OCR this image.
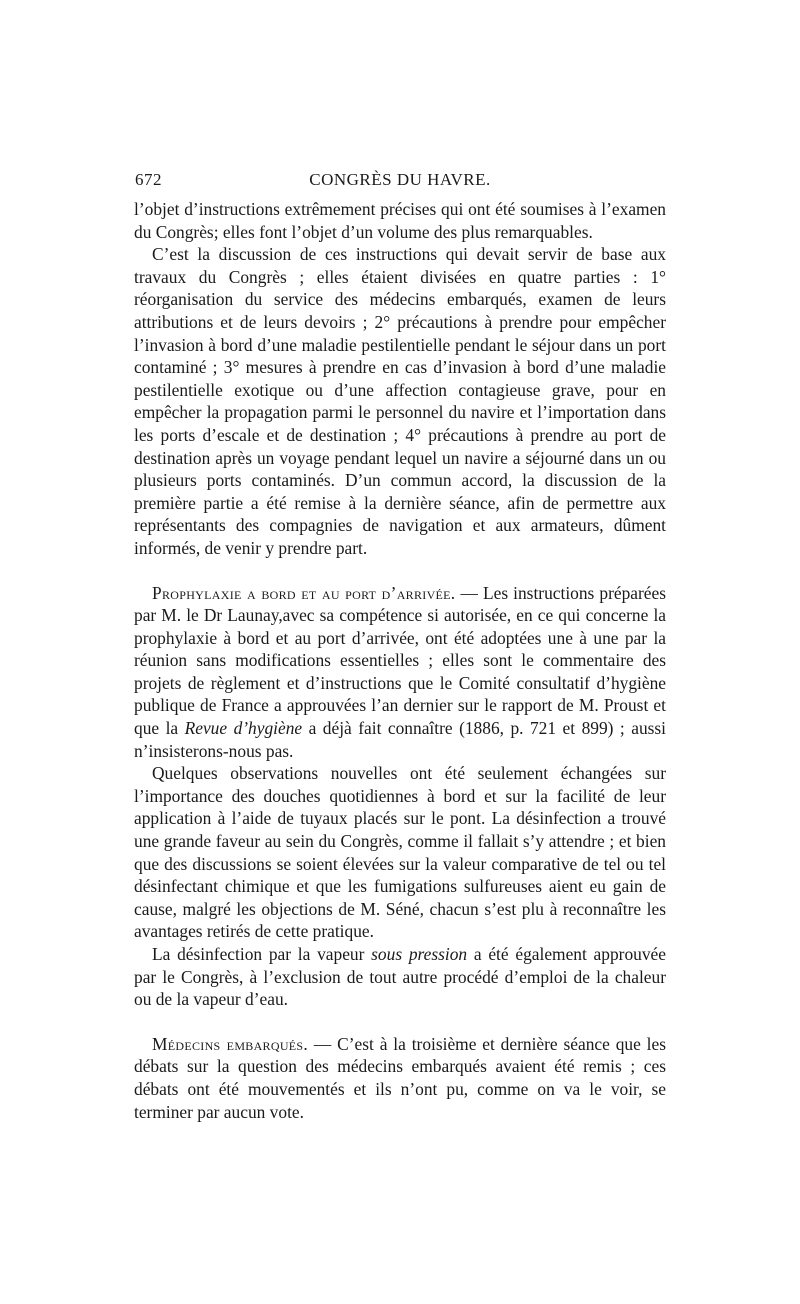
672	CONGRÈS DU HAVRE.

l’objet d’instructions extrêmement précises qui ont été soumises à l’examen du Congrès; elles font l’objet d’un volume des plus remarquables.

C’est la discussion de ces instructions qui devait servir de base aux travaux du Congrès ; elles étaient divisées en quatre parties : 1° réorganisation du service des médecins embarqués, examen de leurs attributions et de leurs devoirs ; 2° précautions à prendre pour empêcher l’invasion à bord d’une maladie pestilentielle pendant le séjour dans un port contaminé ; 3° mesures à prendre en cas d’invasion à bord d’une maladie pestilentielle exotique ou d’une affection contagieuse grave, pour en empêcher la propagation parmi le personnel du navire et l’importation dans les ports d’escale et de destination ; 4° précautions à prendre au port de destination après un voyage pendant lequel un navire a séjourné dans un ou plusieurs ports contaminés. D’un commun accord, la discussion de la première partie a été remise à la dernière séance, afin de permettre aux représentants des compagnies de navigation et aux armateurs, dûment informés, de venir y prendre part.

Prophylaxie a bord et au port d’arrivée. — Les instructions préparées par M. le Dr Launay,avec sa compétence si autorisée, en ce qui concerne la prophylaxie à bord et au port d’arrivée, ont été adoptées une à une par la réunion sans modifications essentielles ; elles sont le commentaire des projets de règlement et d’instructions que le Comité consultatif d’hygiène publique de France a approuvées l’an dernier sur le rapport de M. Proust et que la Revue d’hygiène a déjà fait connaître (1886, p. 721 et 899) ; aussi n’insisterons-nous pas.

Quelques observations nouvelles ont été seulement échangées sur l’importance des douches quotidiennes à bord et sur la facilité de leur application à l’aide de tuyaux placés sur le pont. La désinfection a trouvé une grande faveur au sein du Congrès, comme il fallait s’y attendre ; et bien que des discussions se soient élevées sur la valeur comparative de tel ou tel désinfectant chimique et que les fumigations sulfureuses aient eu gain de cause, malgré les objections de M. Séné, chacun s’est plu à reconnaître les avantages retirés de cette pratique.

La désinfection par la vapeur sous pression a été également approuvée par le Congrès, à l’exclusion de tout autre procédé d’emploi de la chaleur ou de la vapeur d’eau.

Médecins embarqués. — C’est à la troisième et dernière séance que les débats sur la question des médecins embarqués avaient été remis ; ces débats ont été mouvementés et ils n’ont pu, comme on va le voir, se terminer par aucun vote.
